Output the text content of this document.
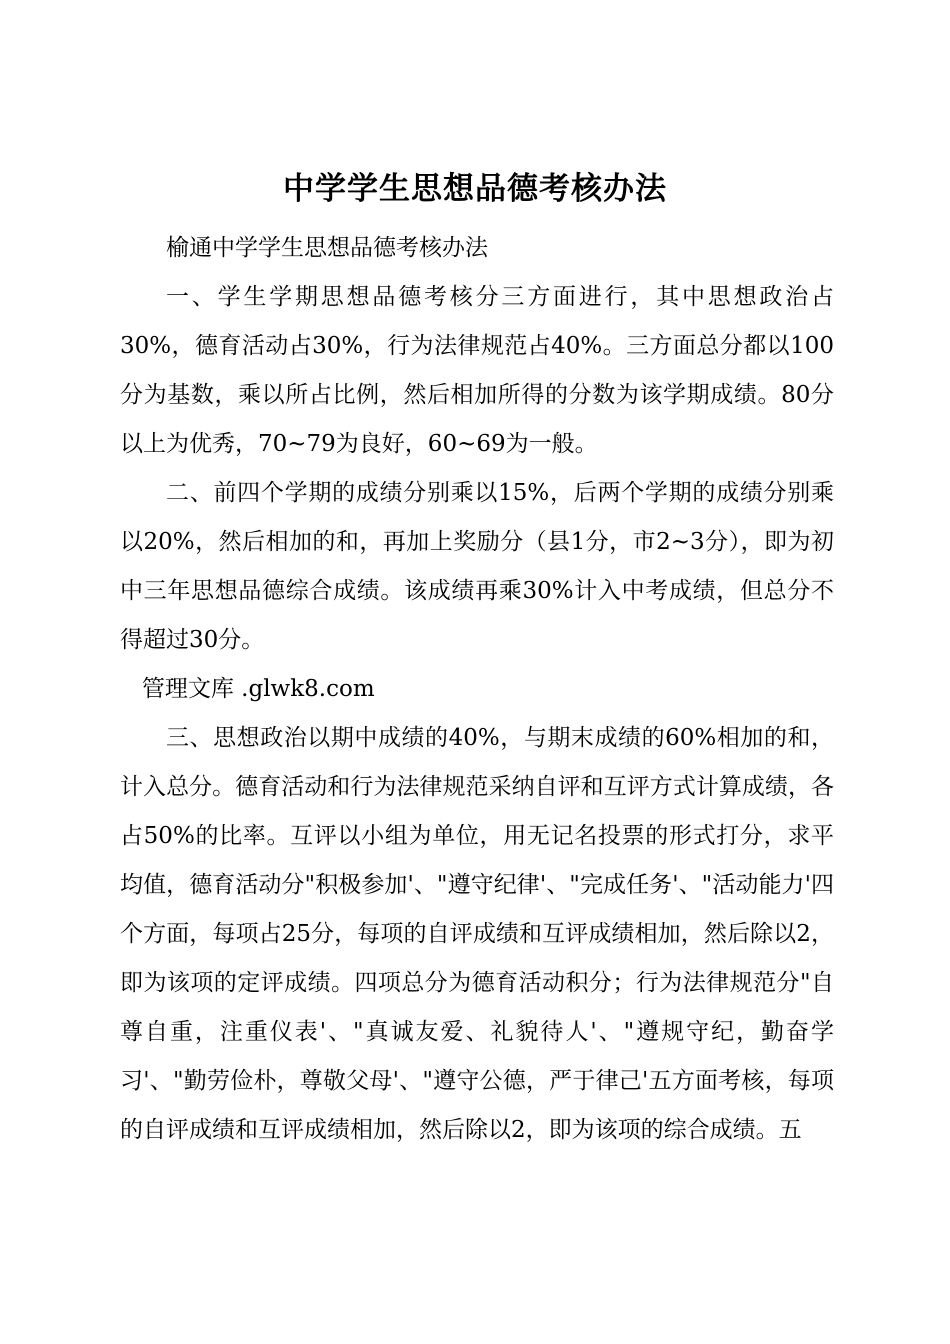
中学学生思想品德考核办法

榆通中学学生思想品德考核办法

一、学生学期思想品德考核分三方面进行，其中思想政治占30%，德育活动占30%，行为法律规范占40%。三方面总分都以100分为基数，乘以所占比例，然后相加所得的分数为该学期成绩。80分以上为优秀，70~79为良好，60~69为一般。

二、前四个学期的成绩分别乘以15%，后两个学期的成绩分别乘以20%，然后相加的和，再加上奖励分（县1分，市2~3分），即为初中三年思想品德综合成绩。该成绩再乘30%计入中考成绩，但总分不得超过30分。

管理文库 .glwk8.com

三、思想政治以期中成绩的40%，与期末成绩的60%相加的和，计入总分。德育活动和行为法律规范采纳自评和互评方式计算成绩，各占50%的比率。互评以小组为单位，用无记名投票的形式打分，求平均值，德育活动分"积极参加'、"遵守纪律'、"完成任务'、"活动能力'四个方面，每项占25分，每项的自评成绩和互评成绩相加，然后除以2，即为该项的定评成绩。四项总分为德育活动积分；行为法律规范分"自尊自重，注重仪表'、"真诚友爱、礼貌待人'、"遵规守纪，勤奋学习'、"勤劳俭朴，尊敬父母'、"遵守公德，严于律己'五方面考核，每项的自评成绩和互评成绩相加，然后除以2，即为该项的综合成绩。五
